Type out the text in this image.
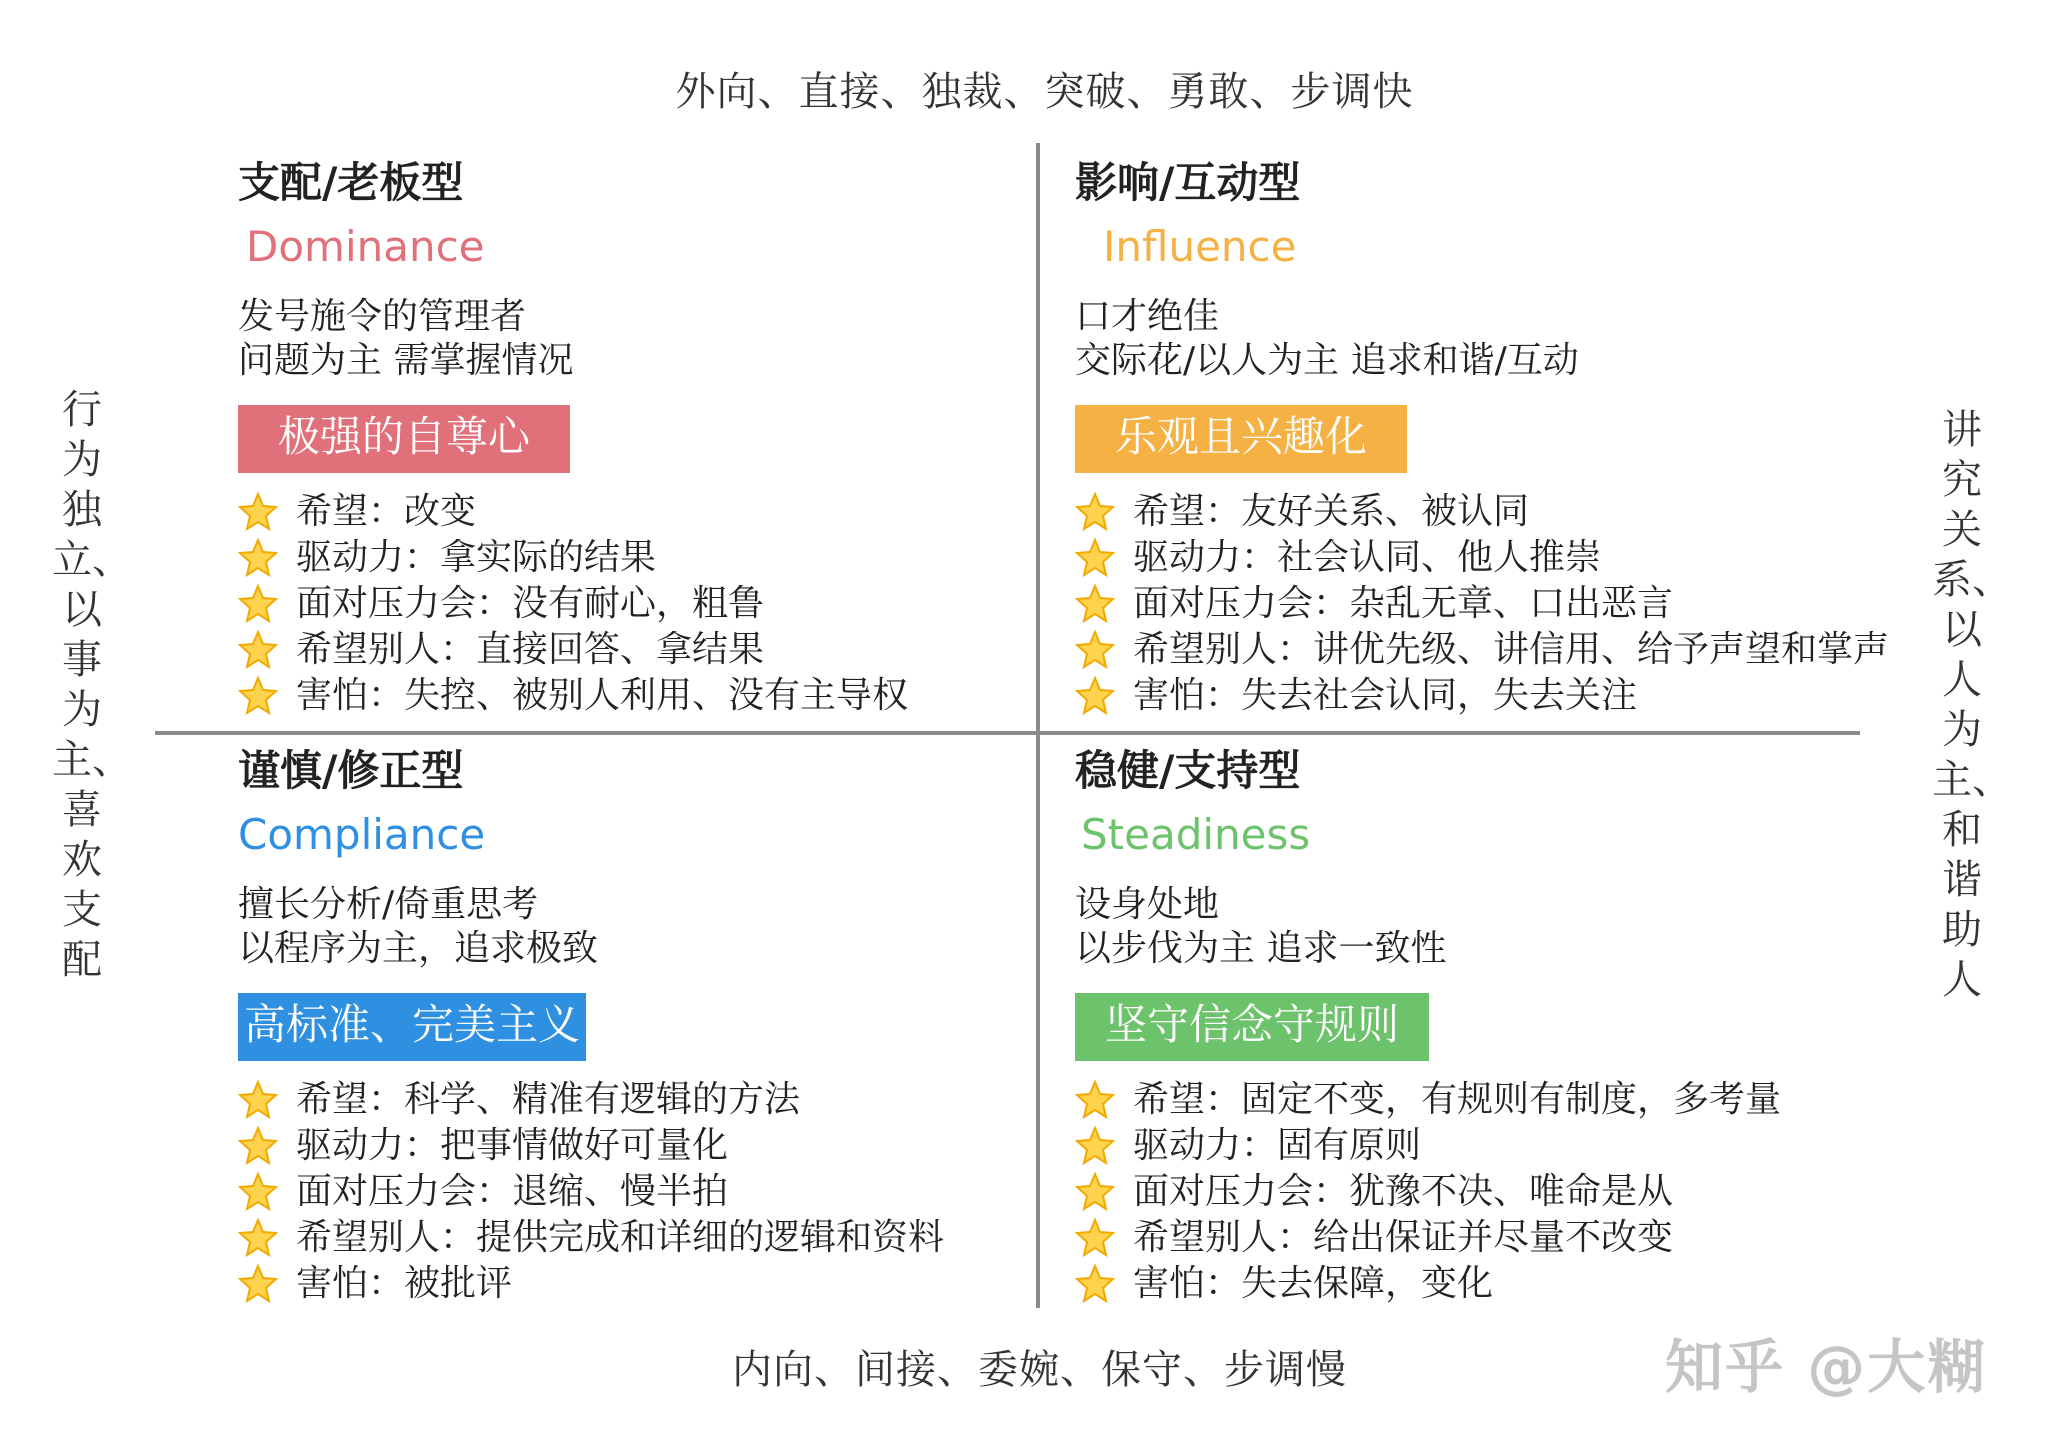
外向、直接、独裁、突破、勇敢、步调快
内向、间接、委婉、保守、步调慢
行为独立、以事为主、喜欢支配
讲究关系、以人为主、和谐助人
支配/老板型
Dominance
发号施令的管理者
问题为主 需掌握情况
极强的自尊心
希望：改变
驱动力：拿实际的结果
面对压力会：没有耐心，粗鲁
希望别人：直接回答、拿结果
害怕：失控、被别人利用、没有主导权
影响/互动型
Influence
口才绝佳
交际花/以人为主 追求和谐/互动
乐观且兴趣化
希望：友好关系、被认同
驱动力：社会认同、他人推崇
面对压力会：杂乱无章、口出恶言
希望别人：讲优先级、讲信用、给予声望和掌声
害怕：失去社会认同，失去关注
谨慎/修正型
Compliance
擅长分析/倚重思考
以程序为主，追求极致
高标准、完美主义
希望：科学、精准有逻辑的方法
驱动力：把事情做好可量化
面对压力会：退缩、慢半拍
希望别人：提供完成和详细的逻辑和资料
害怕：被批评
稳健/支持型
Steadiness
设身处地
以步伐为主 追求一致性
坚守信念守规则
希望：固定不变，有规则有制度，多考量
驱动力：固有原则
面对压力会：犹豫不决、唯命是从
希望别人：给出保证并尽量不改变
害怕：失去保障，变化
知乎 @大糊
